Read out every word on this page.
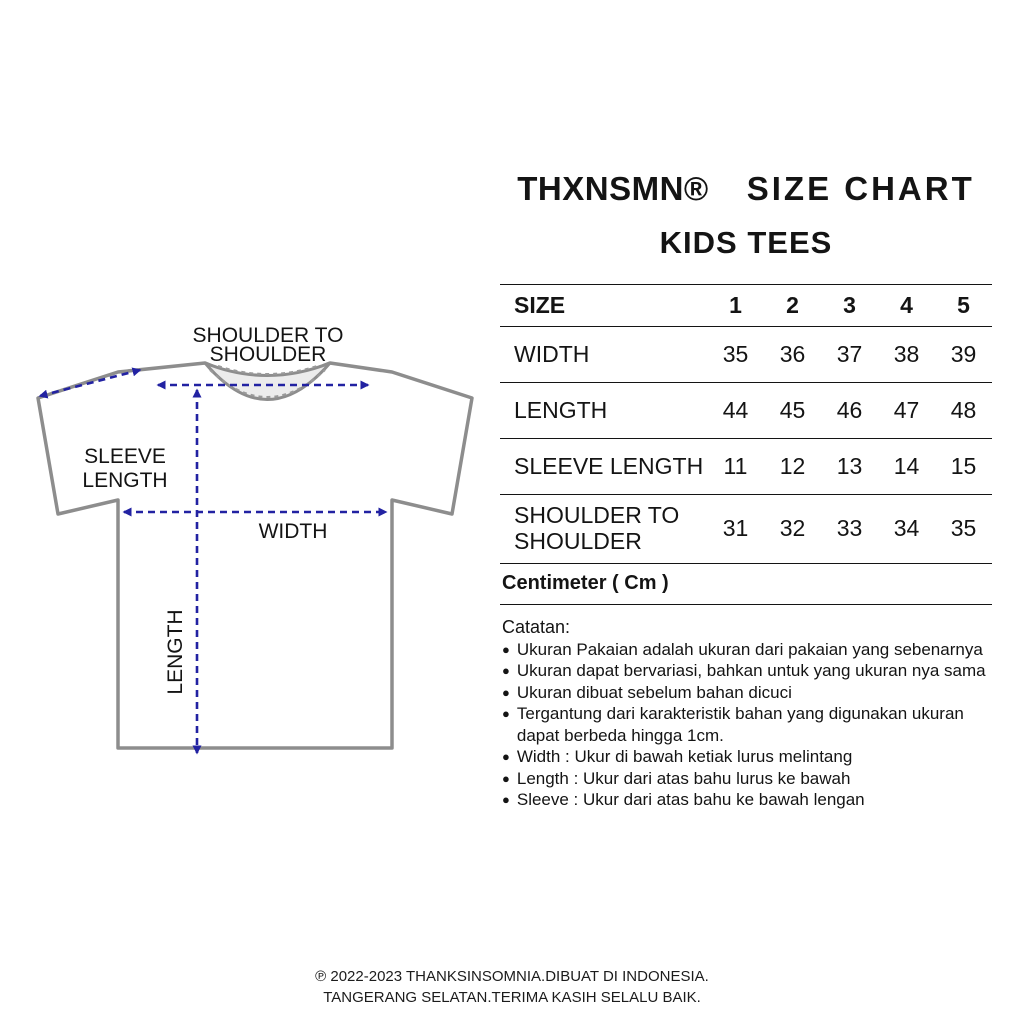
SHOULDER TO
SHOULDER
SLEEVE
LENGTH
WIDTH
LENGTH
THXNSMN® SIZE CHART
KIDS TEES
SIZE	1	2	3	4	5
WIDTH	35	36	37	38	39
LENGTH	44	45	46	47	48
SLEEVE LENGTH 11	12	13	14	15
SHOULDER TO SHOULDER	31	32	33	34	35
Centimeter ( Cm )
Catatan:
● Ukuran Pakaian adalah ukuran dari pakaian yang sebenarnya
● Ukuran dapat bervariasi, bahkan untuk yang ukuran nya sama
● Ukuran dibuat sebelum bahan dicuci
● Tergantung dari karakteristik bahan yang digunakan ukuran dapat berbeda hingga 1cm.
● Width : Ukur di bawah ketiak lurus melintang
● Length : Ukur dari atas bahu lurus ke bawah
● Sleeve : Ukur dari atas bahu ke bawah lengan
℗ 2022-2023 THANKSINSOMNIA.DIBUAT DI INDONESIA.
TANGERANG SELATAN.TERIMA KASIH SELALU BAIK.
